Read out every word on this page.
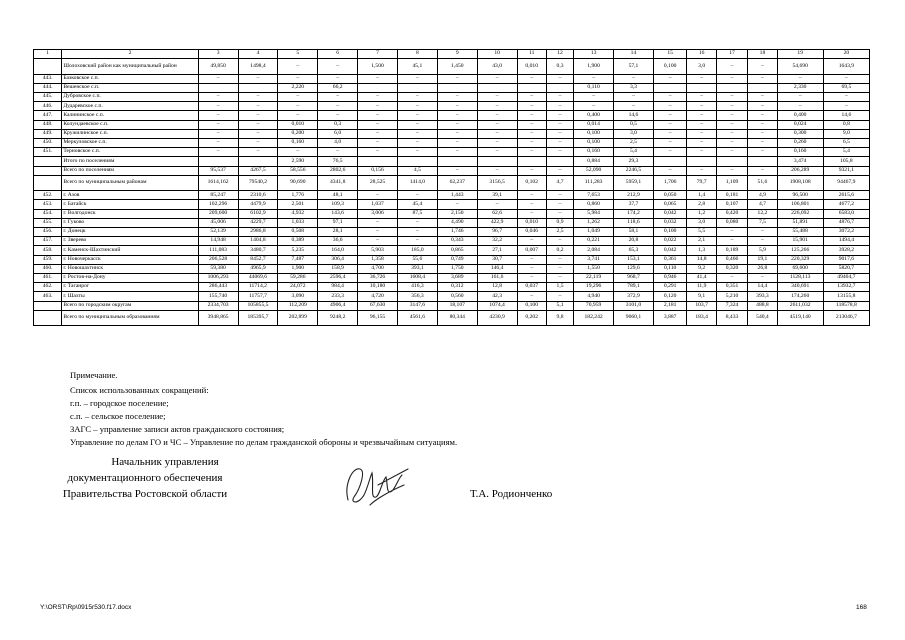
1	2	3	4	5	6	7	8	9	10	11	12	13	14	15	16	17	18	19	20
	Шолоховский район как муниципальный район	49,850	1498,4	–	–	1,500	45,1	1,450	43,0	0,010	0,3	1,900	57,1	0,100	3,0	–	–	54,690	1643,9
443.	Базковское с.п.	–	–	–	–	–	–	–	–	–	–	–	–	–	–	–	–	–	–
444.	Вешенское с.п.			2,220	66,2							0,110	3,3					2,330	69,5
445.	Дубровское с.п.	–	–	–	–	–	–	–	–	–	–	–	–	–	–	–	–	–	–
446.	Дударевское с.п.	–	–	–	–	–	–	–	–	–	–	–	–	–	–	–	–	–	–
447.	Калининское с.п.	–	–	–	–	–	–	–	–	–	–	0,400	14,6	–	–	–	–	0,400	14,6
448.	Колундаевское с.п.	–	–	0,010	0,3	–	–	–	–	–	–	0,014	0,5	–	–	–	–	0,024	0,8
449.	Кружилинское с.п.	–	–	0,200	6,0	–	–	–	–	–	–	0,100	3,0	–	–	–	–	0,300	9,0
450.	Меркуловское с.п.	–	–	0,160	4,0	–	–	–	–	–	–	0,100	2,5	–	–	–	–	0,260	6,5
451.	Терновское с.п.	–	–	–	–	–	–	–	–	–	–	0,160	5,4	–	–	–	–	0,160	5,4
	Итого по поселениям			2,590	76,5							0,884	29,3					3,474	105,8
	Всего по поселениям	95,537	4267,5	58,556	2802,6	0,156	4,5	–	–	–	–	52,090	2246,5	–	–	–	–	206,289	9321,1
	Всего по муниципальным районам	1614,162	79540,2	90,690	4341,8	28,525	1414,0	62,237	3156,5	0,102	4,7	111,283	5959,1	1,706	79,7	1,109	51,6	1908,108	94467,9
452.	г. Азов	85,247	2310,6	1,776	48,1	–	–	1,443	39,1	–	–	7,653	212,9	0,050	1,4	0,181	4,9	96,500	2615,6
453.	г. Батайск	102,296	4479,9	2,501	109,3	1,037	45,4	–	–	–	–	0,860	37,7	0,065	2,8	0,107	4,7	106,801	4677,2
454.	г. Волгодонск	209,600	6102,9	4,932	143,6	3,006	87,5	2,150	62,6	–	–	5,984	174,2	0,042	1,2	0,420	12,2	226,092	6583,0
455.	г. Гуково	45,006	4229,7	1,033	97,1	–	–	4,490	422,9	0,010	0,9	1,262	118,6	0,032	3,0	0,080	7,5	51,891	4876,7
456.	г. Донецк	52,139	2986,8	0,508	28,1	–	–	1,746	96,7	0,046	2,5	1,049	58,1	0,100	5,5	–	–	55,488	3072,2
457.	г. Зверево	14,948	1404,8	0,389	36,6	–	–	0,343	32,2	–	–	0,221	20,8	0,022	2,1	–	–	15,901	1494,4
458.	г. Каменск-Шахтинский	111,083	3480,7	5,235	164,0	5,903	185,0	0,865	27,1	0,007	0,2	2,084	65,3	0,042	1,3	0,189	5,9	125,266	3928,2
459.	г. Новочеркасск	206,528	8452,7	7,487	306,4	1,358	55,6	0,749	30,7	–	–	3,741	153,1	0,361	14,8	0,466	19,1	220,329	9017,6
460.	г. Новошахтинск	59,380	4965,9	1,900	158,9	4,700	393,1	1,750	146,4	–	–	1,550	129,6	0,110	9,2	0,320	26,8	69,600	5820,7
461.	г. Ростов-на-Дону	1006,293	44069,6	59,286	2596,4	36,726	1608,4	3,689	161,6	–	–	22,119	968,7	0,946	41,4	–	–	1128,113	49404,7
462.	г. Таганрог	286,443	11714,2	24,072	984,4	10,180	416,3	0,312	12,8	0,037	1,5	19,296	789,1	0,291	11,9	0,351	14,4	340,691	13932,7
463.	г. Шахты	155,740	11757,7	3,090	233,3	4,720	356,3	0,560	42,3	–	–	4,940	372,9	0,120	9,1	5,210	393,3	174,260	13155,8
	Всего по городским округам	2334,703	105855,5	112,209	4906,4	67,630	3147,6	18,107	1074,4	0,100	5,1	70,959	3101,0	2,181	103,7	7,324	488,8	2611,032	118578,8
	Всего по муниципальным образованиям	3948,865	185395,7	202,899	9248,2	96,155	4561,6	80,344	4230,9	0,202	9,8	182,242	9060,1	3,887	183,4	8,433	540,4	4519,140	213046,7
Примечание.
Список использованных сокращений:
г.п. – городское поселение;
с.п. – сельское поселение;
ЗАГС – управление записи актов гражданского состояния;
Управление по делам ГО и ЧС – Управление по делам гражданской обороны и чрезвычайным ситуациям.
Начальник управления
документационного обеспечения
Правительства Ростовской области	Т.А. Родионченко
Y:\ORST\Rp\0915r530.f17.docx	168
